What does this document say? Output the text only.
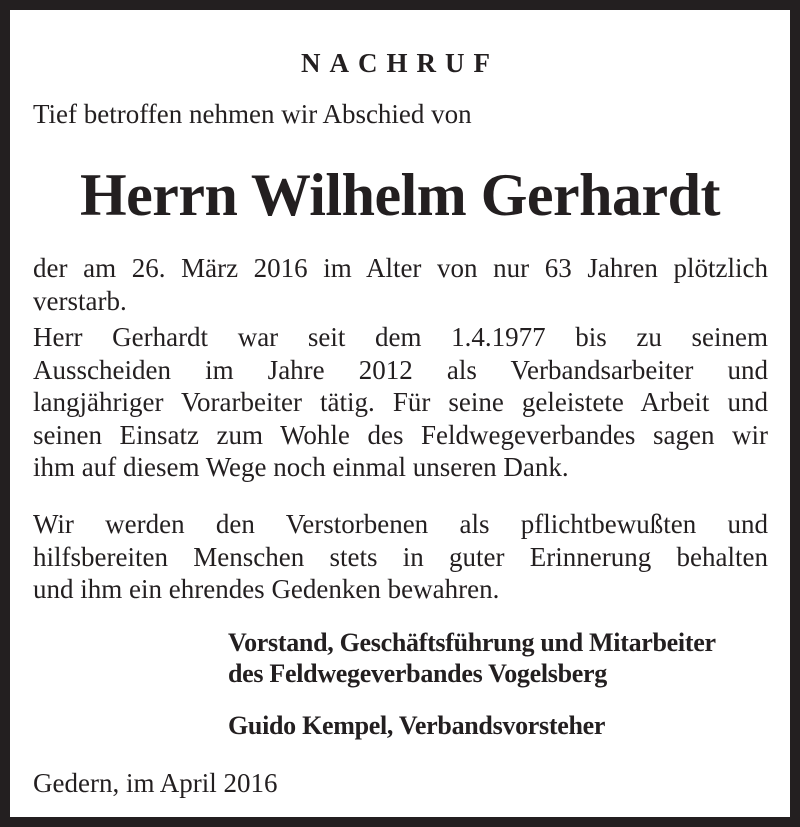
NACHRUF
Tief betroffen nehmen wir Abschied von
Herrn Wilhelm Gerhardt
der am 26. März 2016 im Alter von nur 63 Jahren plötzlich
verstarb.
Herr Gerhardt war seit dem 1.4.1977 bis zu seinem
Ausscheiden im Jahre 2012 als Verbandsarbeiter und
langjähriger Vorarbeiter tätig. Für seine geleistete Arbeit und
seinen Einsatz zum Wohle des Feldwegeverbandes sagen wir
ihm auf diesem Wege noch einmal unseren Dank.
Wir werden den Verstorbenen als pflichtbewußten und
hilfsbereiten Menschen stets in guter Erinnerung behalten
und ihm ein ehrendes Gedenken bewahren.
Vorstand, Geschäftsführung und Mitarbeiter
des Feldwegeverbandes Vogelsberg
Guido Kempel, Verbandsvorsteher
Gedern, im April 2016
